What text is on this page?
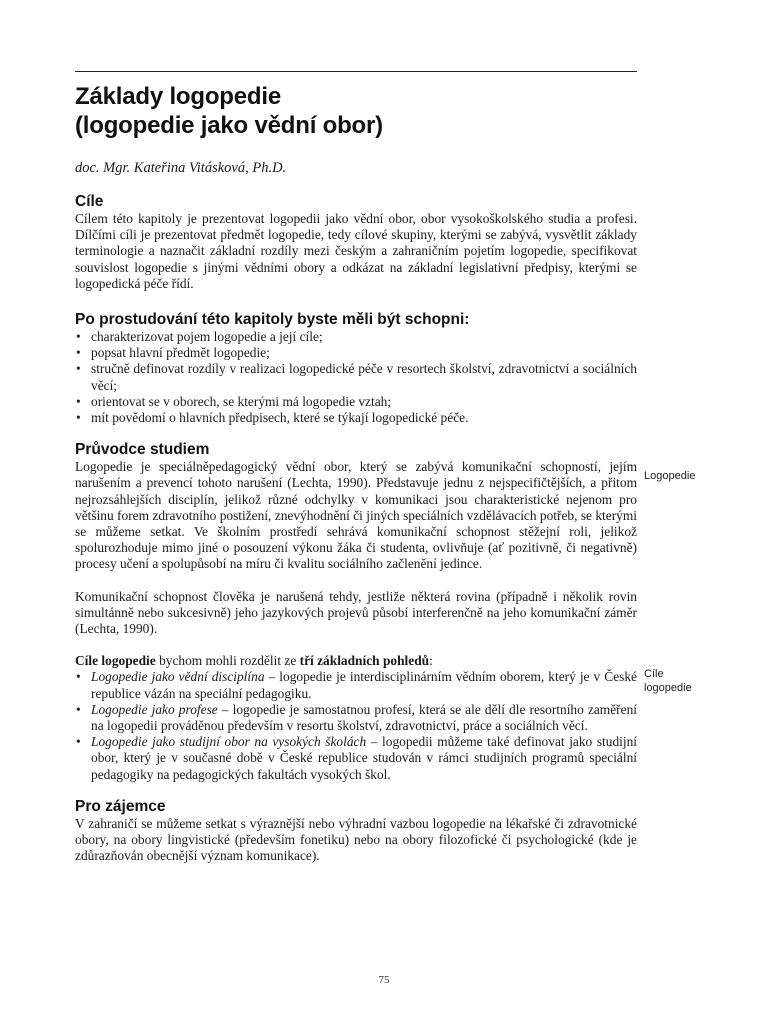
Základy logopedie
(logopedie jako vědní obor)
doc. Mgr. Kateřina Vitásková, Ph.D.
Cíle

Cílem této kapitoly je prezentovat logopedii jako vědní obor, obor vysokoškolského studia a profesi. Dílčími cíli je prezentovat předmět logopedie, tedy cílové skupiny, kterými se zabývá, vysvětlit základy terminologie a naznačit základní rozdíly mezi českým a zahraničním pojetím logopedie, specifikovat souvislost logopedie s jinými vědními obory a odkázat na základní legislativní předpisy, kterými se logopedická péče řídí.

Po prostudování této kapitoly byste měli být schopni:
• charakterizovat pojem logopedie a její cíle;
• popsat hlavní předmět logopedie;
• stručně definovat rozdíly v realizaci logopedické péče v resortech školství, zdravotnictví a sociálních věcí;
• orientovat se v oborech, se kterými má logopedie vztah;
• mít povědomí o hlavních předpisech, které se týkají logopedické péče.
Průvodce studiem

Logopedie je speciálněpedagogický vědní obor, který se zabývá komunikační schopností, jejím narušením a prevencí tohoto narušení (Lechta, 1990). Představuje jednu z nejspecifičtějších, a přitom nejrozsáhlejších disciplín, jelikož různé odchylky v komunikaci jsou charakteristické nejenom pro většinu forem zdravotního postižení, znevýhodnění či jiných speciálních vzdělávacích potřeb, se kterými se můžeme setkat. Ve školním prostředí sehrává komunikační schopnost stěžejní roli, jelikož spolurozhoduje mimo jiné o posouzení výkonu žáka či studenta, ovlivňuje (ať pozitivně, či negativně) procesy učení a spolupůsobí na míru či kvalitu sociálního začlenění jedince.

Komunikační schopnost člověka je narušená tehdy, jestliže některá rovina (případně i několik rovin simultánně nebo sukcesivně) jeho jazykových projevů působí interferenčně na jeho komunikační záměr (Lechta, 1990).

Cíle logopedie bychom mohli rozdělit ze tří základních pohledů:

• Logopedie jako vědní disciplína – logopedie je interdisciplinárním vědním oborem, který je v České republice vázán na speciální pedagogiku.
• Logopedie jako profese – logopedie je samostatnou profesí, která se ale dělí dle resortního zaměření na logopedii prováděnou především v resortu školství, zdravotnictví, práce a sociálních věcí.
• Logopedie jako studijní obor na vysokých školách – logopedii můžeme také definovat jako studijní obor, který je v současné době v České republice studován v rámci studijních programů speciální pedagogiky na pedagogických fakultách vysokých škol.
Pro zájemce

V zahraničí se můžeme setkat s výraznější nebo výhradní vazbou logopedie na lékařské či zdravotnické obory, na obory lingvistické (především fonetiku) nebo na obory filozofické či psychologické (kde je zdůrazňován obecnější význam komunikace).

Logopedie
Cíle
logopedie
75
